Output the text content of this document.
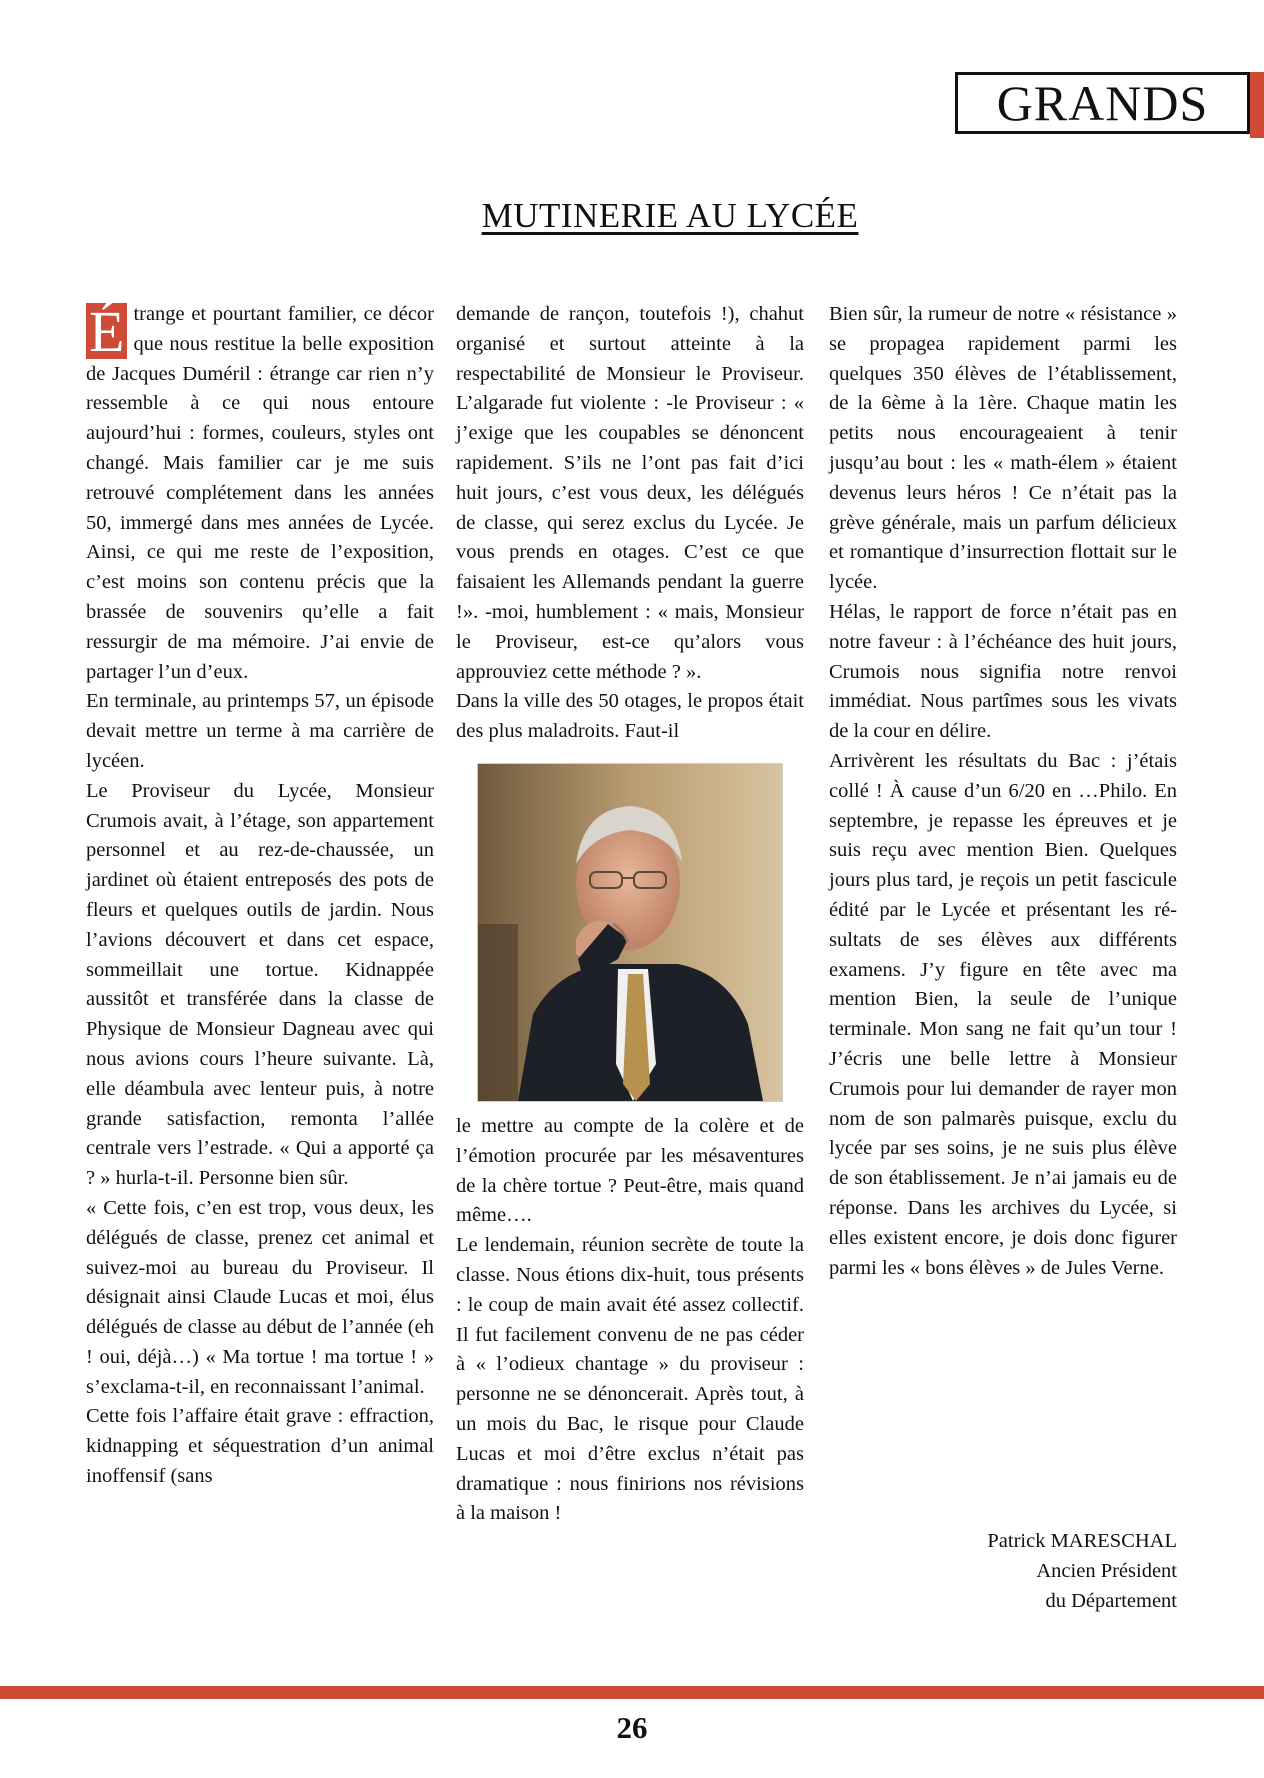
GRANDS
MUTINERIE AU LYCÉE

É trange et pourtant familier, ce décor que nous restitue la belle exposition de Jacques Duméril : étrange car rien n’y ressemble à ce qui nous entoure aujourd’hui : formes, couleurs, styles ont changé. Mais familier car je me suis retrouvé complétement dans les années 50, immergé dans mes années de Lycée. Ainsi, ce qui me reste de l’exposition, c’est moins son contenu précis que la brassée de souvenirs qu’elle a fait ressurgir de ma mémoire. J’ai envie de partager l’un d’eux.

En terminale, au printemps 57, un épisode devait mettre un terme à ma carrière de lycéen.

Le Proviseur du Lycée, Monsieur Crumois avait, à l’étage, son appartement personnel et au rez-de-chaussée, un jardinet où étaient entreposés des pots de fleurs et quelques outils de jardin. Nous l’avions découvert et dans cet espace, sommeillait une tortue. Kidnappée aussitôt et transférée dans la classe de Physique de Monsieur Dagneau avec qui nous avions cours l’heure suivante. Là, elle déambula avec lenteur puis, à notre grande satisfaction, remonta l’allée centrale vers l’estrade. « Qui a apporté ça ? » hurla-t-il. Personne bien sûr.

« Cette fois, c’en est trop, vous deux, les délégués de classe, prenez cet animal et suivez-moi au bureau du Proviseur. Il désignait ainsi Claude Lucas et moi, élus délégués de classe au début de l’année (eh ! oui, déjà…) « Ma tortue ! ma tortue ! » s’exclama-t-il, en reconnaissant l’animal.

Cette fois l’affaire était grave : effraction, kidnapping et séquestration d’un animal inoffensif (sans

demande de rançon, toutefois !), chahut organisé et surtout atteinte à la respectabilité de Monsieur le Proviseur. L’algarade fut violente : -le Proviseur : « j’exige que les coupables se dénoncent rapidement. S’ils ne l’ont pas fait d’ici huit jours, c’est vous deux, les délégués de classe, qui serez exclus du Lycée. Je vous prends en otages. C’est ce que faisaient les Allemands pendant la guerre !». -moi, humblement : « mais, Monsieur le Proviseur, est-ce qu’alors vous approuviez cette méthode ? ».

Dans la ville des 50 otages, le propos était des plus maladroits. Faut-il

le mettre au compte de la colère et de l’émotion procurée par les mésaventures de la chère tortue ? Peut-être, mais quand même….

Le lendemain, réunion secrète de toute la classe. Nous étions dix-huit, tous présents : le coup de main avait été assez collectif. Il fut facilement convenu de ne pas céder à « l’odieux chantage » du proviseur : personne ne se dénoncerait. Après tout, à un mois du Bac, le risque pour Claude Lucas et moi d’être exclus n’était pas dramatique : nous finirions nos révisions à la maison !

Bien sûr, la rumeur de notre « résistance » se propagea rapidement parmi les quelques 350 élèves de l’établissement, de la 6ème à la 1ère. Chaque matin les petits nous encourageaient à tenir jusqu’au bout : les « math-élem » étaient devenus leurs héros ! Ce n’était pas la grève générale, mais un parfum délicieux et romantique d’insurrection flottait sur le lycée.

Hélas, le rapport de force n’était pas en notre faveur : à l’échéance des huit jours, Crumois nous signifia notre renvoi immédiat. Nous partîmes sous les vivats de la cour en délire.

Arrivèrent les résultats du Bac : j’étais collé ! À cause d’un 6/20 en …Philo. En septembre, je repasse les épreuves et je suis reçu avec mention Bien. Quelques jours plus tard, je reçois un petit fascicule édité par le Lycée et présentant les résultats de ses élèves aux différents examens. J’y figure en tête avec ma mention Bien, la seule de l’unique terminale. Mon sang ne fait qu’un tour ! J’écris une belle lettre à Monsieur Crumois pour lui demander de rayer mon nom de son palmarès puisque, exclu du lycée par ses soins, je ne suis plus élève de son établissement. Je n’ai jamais eu de réponse. Dans les archives du Lycée, si elles existent encore, je dois donc figurer parmi les « bons élèves » de Jules Verne.

Patrick MARESCHAL
Ancien Président
du Département
26
